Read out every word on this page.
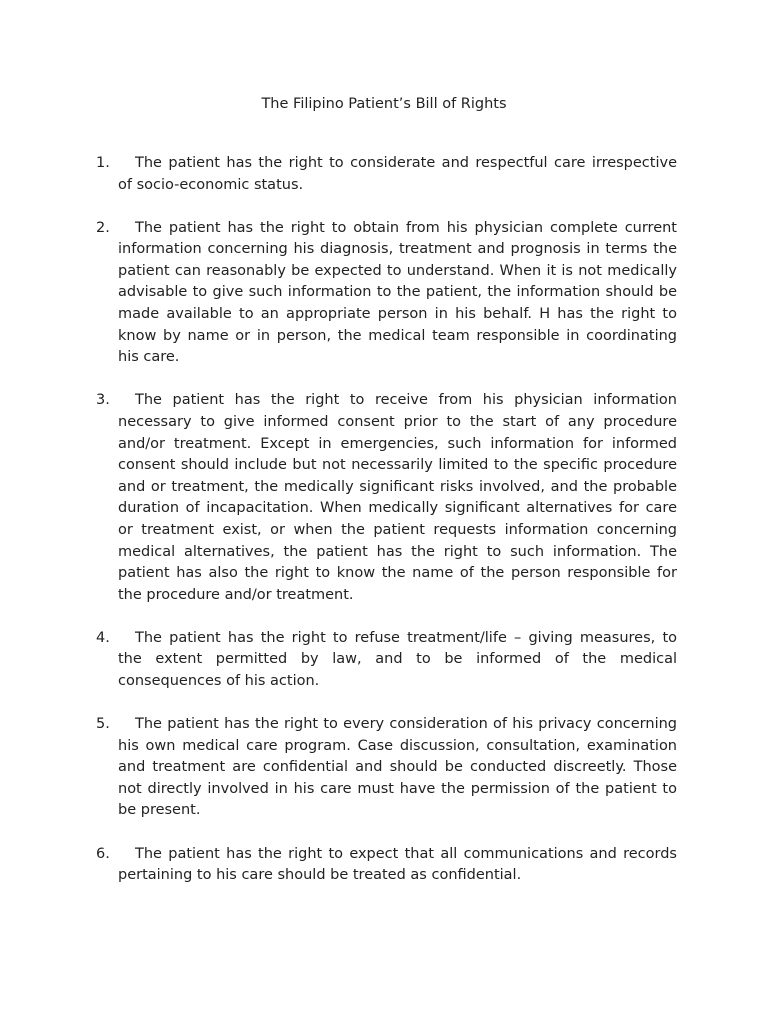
The Filipino Patient’s Bill of Rights
1.	The patient has the right to considerate and respectful care irrespective of socio-economic status.
2.	The patient has the right to obtain from his physician complete current information concerning his diagnosis, treatment and prognosis in terms the patient can reasonably be expected to understand. When it is not medically advisable to give such information to the patient, the information should be made available to an appropriate person in his behalf. H has the right to know by name or in person, the medical team responsible in coordinating his care.
3.	The patient has the right to receive from his physician information necessary to give informed consent prior to the start of any procedure and/or treatment. Except in emergencies, such information for informed consent should include but not necessarily limited to the specific procedure and or treatment, the medically significant risks involved, and the probable duration of incapacitation. When medically significant alternatives for care or treatment exist, or when the patient requests information concerning medical alternatives, the patient has the right to such information. The patient has also the right to know the name of the person responsible for the procedure and/or treatment.
4.	The patient has the right to refuse treatment/life – giving measures, to the extent permitted by law, and to be informed of the medical consequences of his action.
5.	The patient has the right to every consideration of his privacy concerning his own medical care program. Case discussion, consultation, examination and treatment are confidential and should be conducted discreetly. Those not directly involved in his care must have the permission of the patient to be present.
6.	The patient has the right to expect that all communications and records pertaining to his care should be treated as confidential.
